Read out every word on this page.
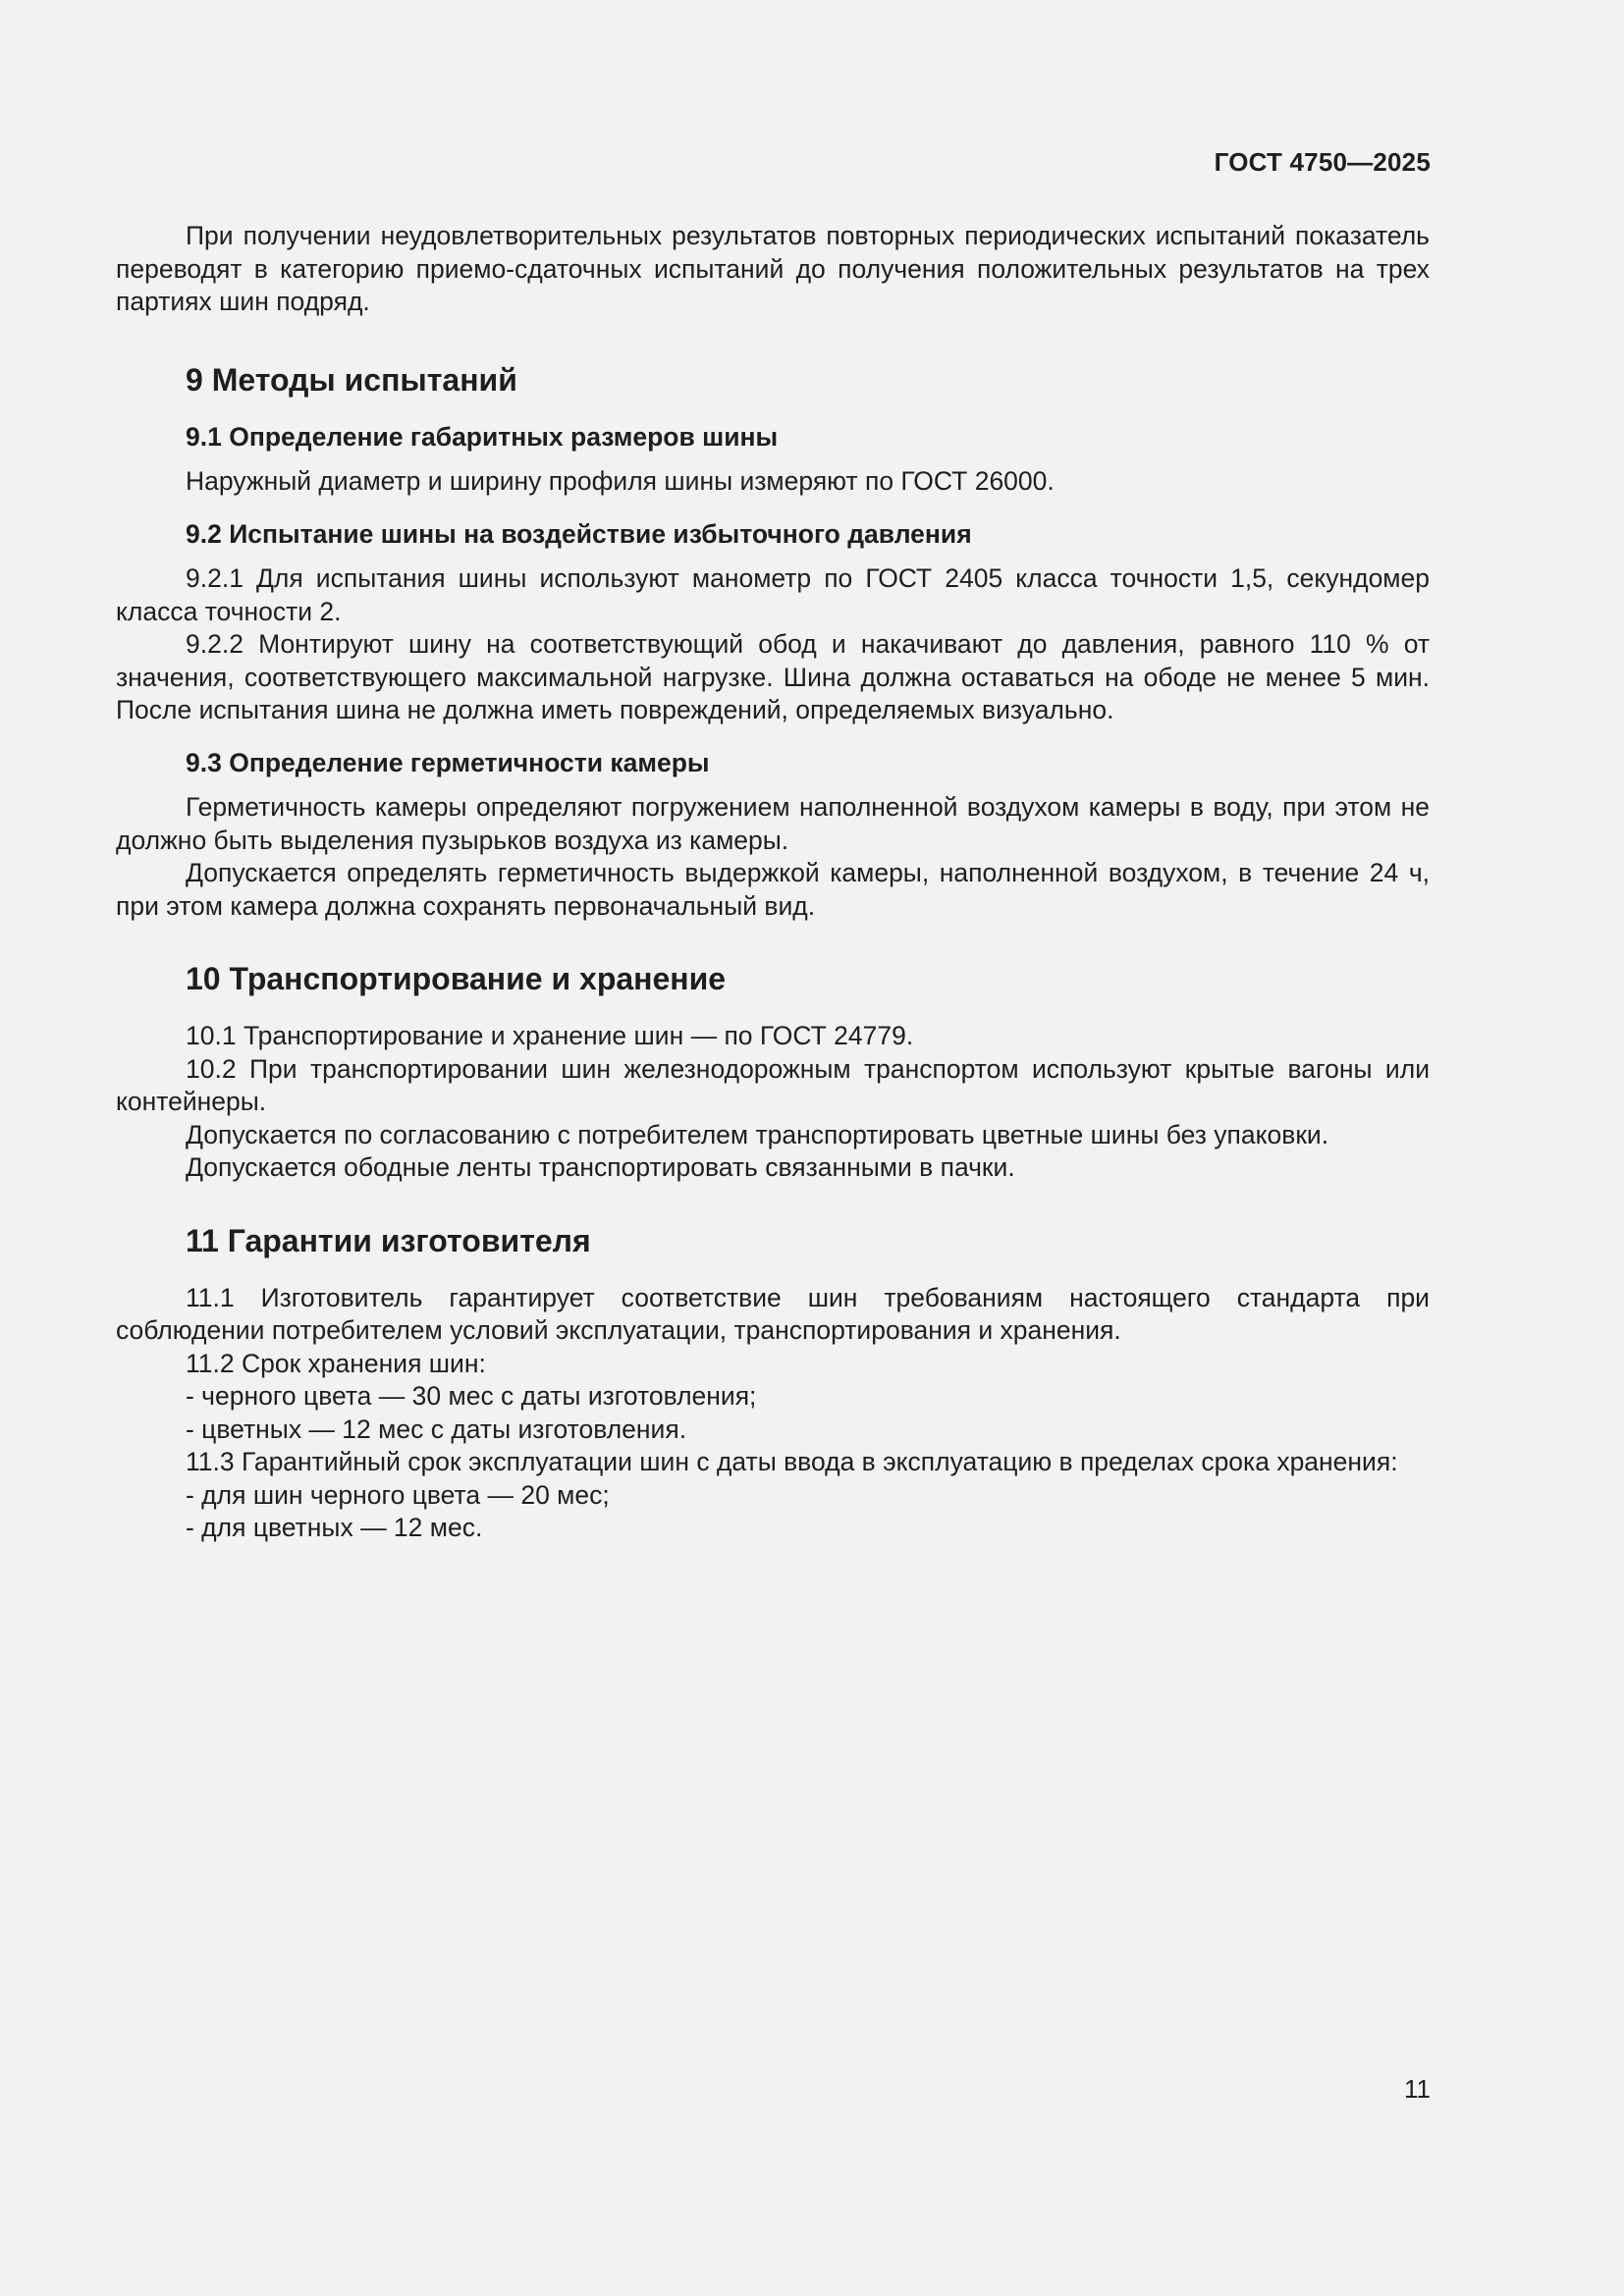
ГОСТ 4750—2025

При получении неудовлетворительных результатов повторных периодических испытаний показатель переводят в категорию приемо-сдаточных испытаний до получения положительных результатов на трех партиях шин подряд.

9 Методы испытаний
9.1 Определение габаритных размеров шины

Наружный диаметр и ширину профиля шины измеряют по ГОСТ 26000.

9.2 Испытание шины на воздействие избыточного давления

9.2.1 Для испытания шины используют манометр по ГОСТ 2405 класса точности 1,5, секундомер класса точности 2.

9.2.2 Монтируют шину на соответствующий обод и накачивают до давления, равного 110 % от значения, соответствующего максимальной нагрузке. Шина должна оставаться на ободе не менее 5 мин. После испытания шина не должна иметь повреждений, определяемых визуально.

9.3 Определение герметичности камеры

Герметичность камеры определяют погружением наполненной воздухом камеры в воду, при этом не должно быть выделения пузырьков воздуха из камеры.

Допускается определять герметичность выдержкой камеры, наполненной воздухом, в течение 24 ч, при этом камера должна сохранять первоначальный вид.

10 Транспортирование и хранение

10.1 Транспортирование и хранение шин — по ГОСТ 24779.

10.2 При транспортировании шин железнодорожным транспортом используют крытые вагоны или контейнеры.

Допускается по согласованию с потребителем транспортировать цветные шины без упаковки.

Допускается ободные ленты транспортировать связанными в пачки.

11 Гарантии изготовителя

11.1 Изготовитель гарантирует соответствие шин требованиям настоящего стандарта при соблюдении потребителем условий эксплуатации, транспортирования и хранения.

11.2 Срок хранения шин:

- черного цвета — 30 мес с даты изготовления;

- цветных — 12 мес с даты изготовления.

11.3 Гарантийный срок эксплуатации шин с даты ввода в эксплуатацию в пределах срока хранения:

- для шин черного цвета — 20 мес;

- для цветных — 12 мес.

11
